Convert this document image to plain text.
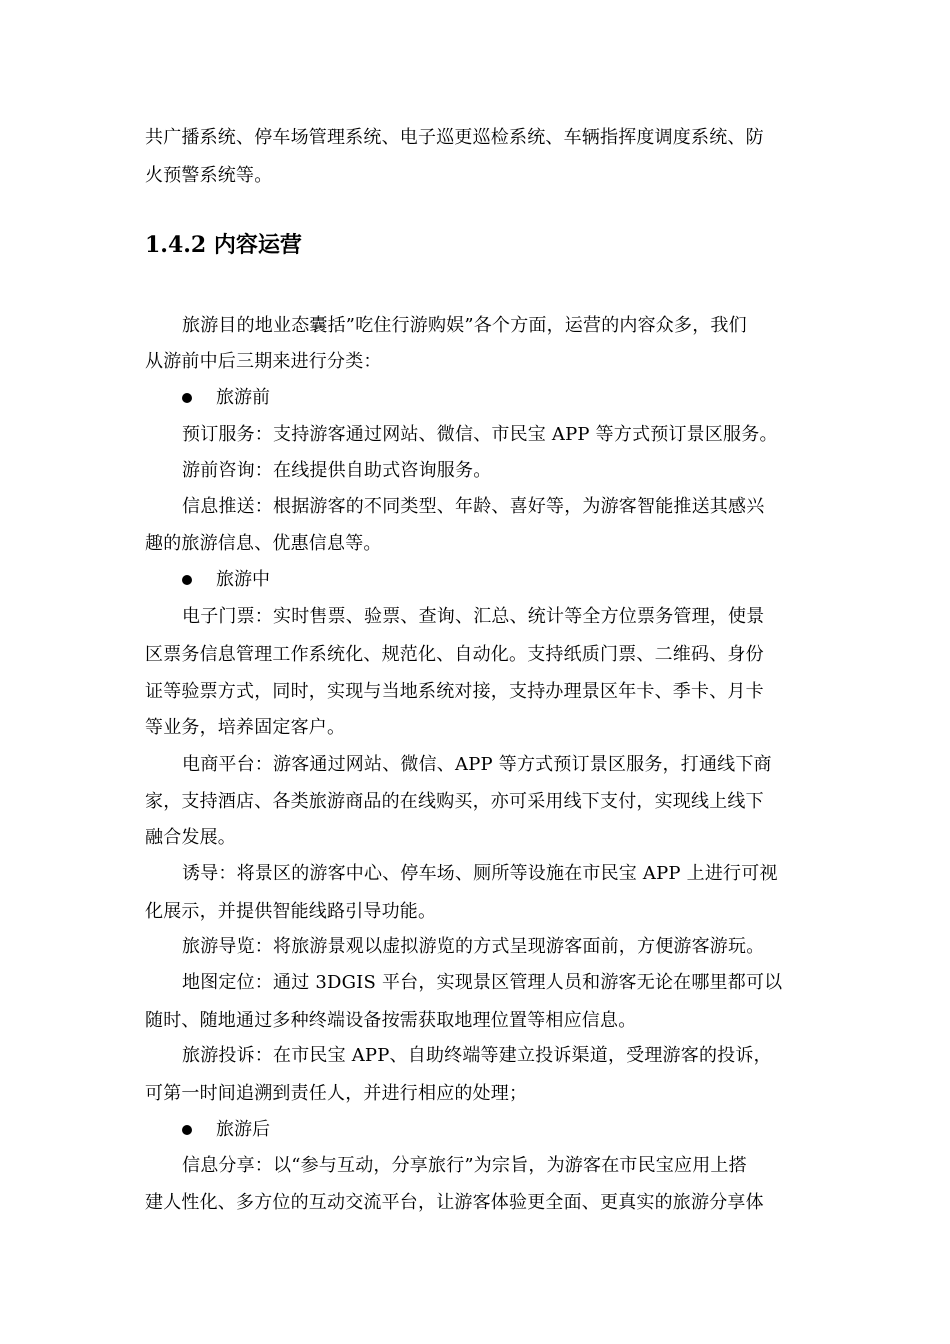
共广播系统、停车场管理系统、电子巡更巡检系统、车辆指挥度调度系统、防
火预警系统等。
1.4.2 内容运营
旅游目的地业态囊括”吃住行游购娱”各个方面，运营的内容众多，我们
从游前中后三期来进行分类：
旅游前
预订服务：支持游客通过网站、微信、市民宝 APP 等方式预订景区服务。
游前咨询：在线提供自助式咨询服务。
信息推送：根据游客的不同类型、年龄、喜好等，为游客智能推送其感兴
趣的旅游信息、优惠信息等。
旅游中
电子门票：实时售票、验票、查询、汇总、统计等全方位票务管理，使景
区票务信息管理工作系统化、规范化、自动化。支持纸质门票、二维码、身份
证等验票方式，同时，实现与当地系统对接，支持办理景区年卡、季卡、月卡
等业务，培养固定客户。
电商平台：游客通过网站、微信、APP 等方式预订景区服务，打通线下商
家，支持酒店、各类旅游商品的在线购买，亦可采用线下支付，实现线上线下
融合发展。
诱导：将景区的游客中心、停车场、厕所等设施在市民宝 APP 上进行可视
化展示，并提供智能线路引导功能。
旅游导览：将旅游景观以虚拟游览的方式呈现游客面前，方便游客游玩。
地图定位：通过 3DGIS 平台，实现景区管理人员和游客无论在哪里都可以
随时、随地通过多种终端设备按需获取地理位置等相应信息。
旅游投诉：在市民宝 APP、自助终端等建立投诉渠道，受理游客的投诉，
可第一时间追溯到责任人，并进行相应的处理；
旅游后
信息分享：以“参与互动，分享旅行”为宗旨，为游客在市民宝应用上搭
建人性化、多方位的互动交流平台，让游客体验更全面、更真实的旅游分享体
